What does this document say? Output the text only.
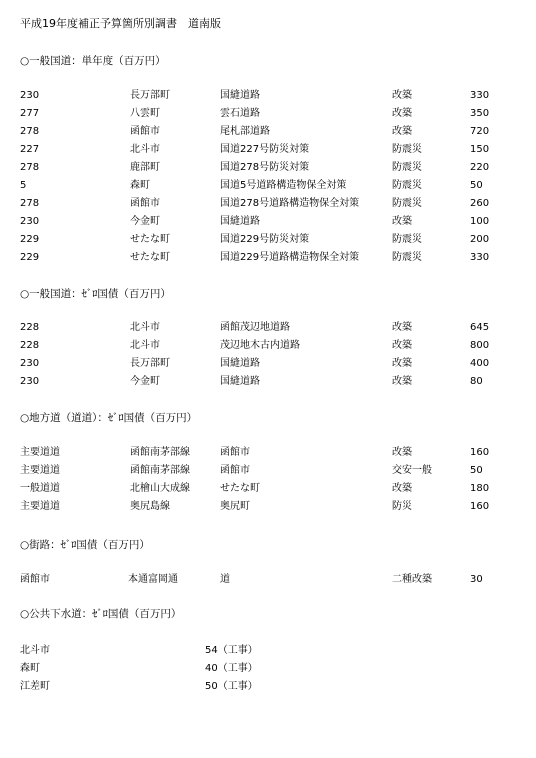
平成19年度補正予算箇所別調書　道南版
○一般国道：単年度（百万円）
230	長万部町	国縫道路	改築	330
277	八雲町	雲石道路	改築	350
278	函館市	尾札部道路	改築	720
227	北斗市	国道227号防災対策	防震災	150
278	鹿部町	国道278号防災対策	防震災	220
5	森町	国道5号道路構造物保全対策	防震災	50
278	函館市	国道278号道路構造物保全対策	防震災	260
230	今金町	国縫道路	改築	100
229	せたな町	国道229号防災対策	防震災	200
229	せたな町	国道229号道路構造物保全対策	防震災	330
○一般国道：ｾﾞﾛ国債（百万円）
228	北斗市	函館茂辺地道路	改築	645
228	北斗市	茂辺地木古内道路	改築	800
230	長万部町	国縫道路	改築	400
230	今金町	国縫道路	改築	80
○地方道（道道）：ｾﾞﾛ国債（百万円）
主要道道	函館南茅部線	函館市	改築	160
主要道道	函館南茅部線	函館市	交安一般	50
一般道道	北檜山大成線	せたな町	改築	180
主要道道	奥尻島線	奥尻町	防災	160
○街路：ｾﾞﾛ国債（百万円）
函館市	本通富岡通	道	二種改築	30
○公共下水道：ｾﾞﾛ国債（百万円）
北斗市	54（工事）
森町	40（工事）
江差町	50（工事）
